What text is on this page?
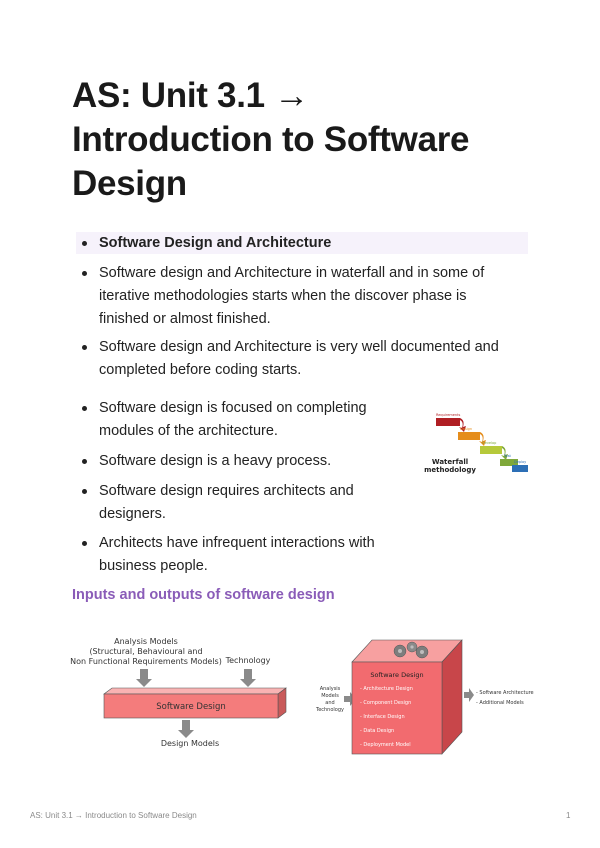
AS: Unit 3.1 →
Introduction to Software
Design
Software Design and Architecture
Software design and Architecture in waterfall and in some of
iterative methodologies starts when the discover phase is
finished or almost finished.
Software design and Architecture is very well documented and
completed before coding starts.
Software design is focused on completing
modules of the architecture.
Software design is a heavy process.
Software design requires architects and
designers.
Architects have infrequent interactions with
business people.
Requirements
Design
Develop
Test
Deploy
Waterfall
methodology
Inputs and outputs of software design
Analysis Models
(Structural, Behavioural and
Non Functional Requirements Models) Technology
Software Design
Design Models
Analysis
Models
and
Technology
Software Design
- Architecture Design
- Component Design
- Interface Design
- Data Design
- Deployment Model
- Software Architecture
- Additional Models
AS: Unit 3.1 → Introduction to Software Design	1
